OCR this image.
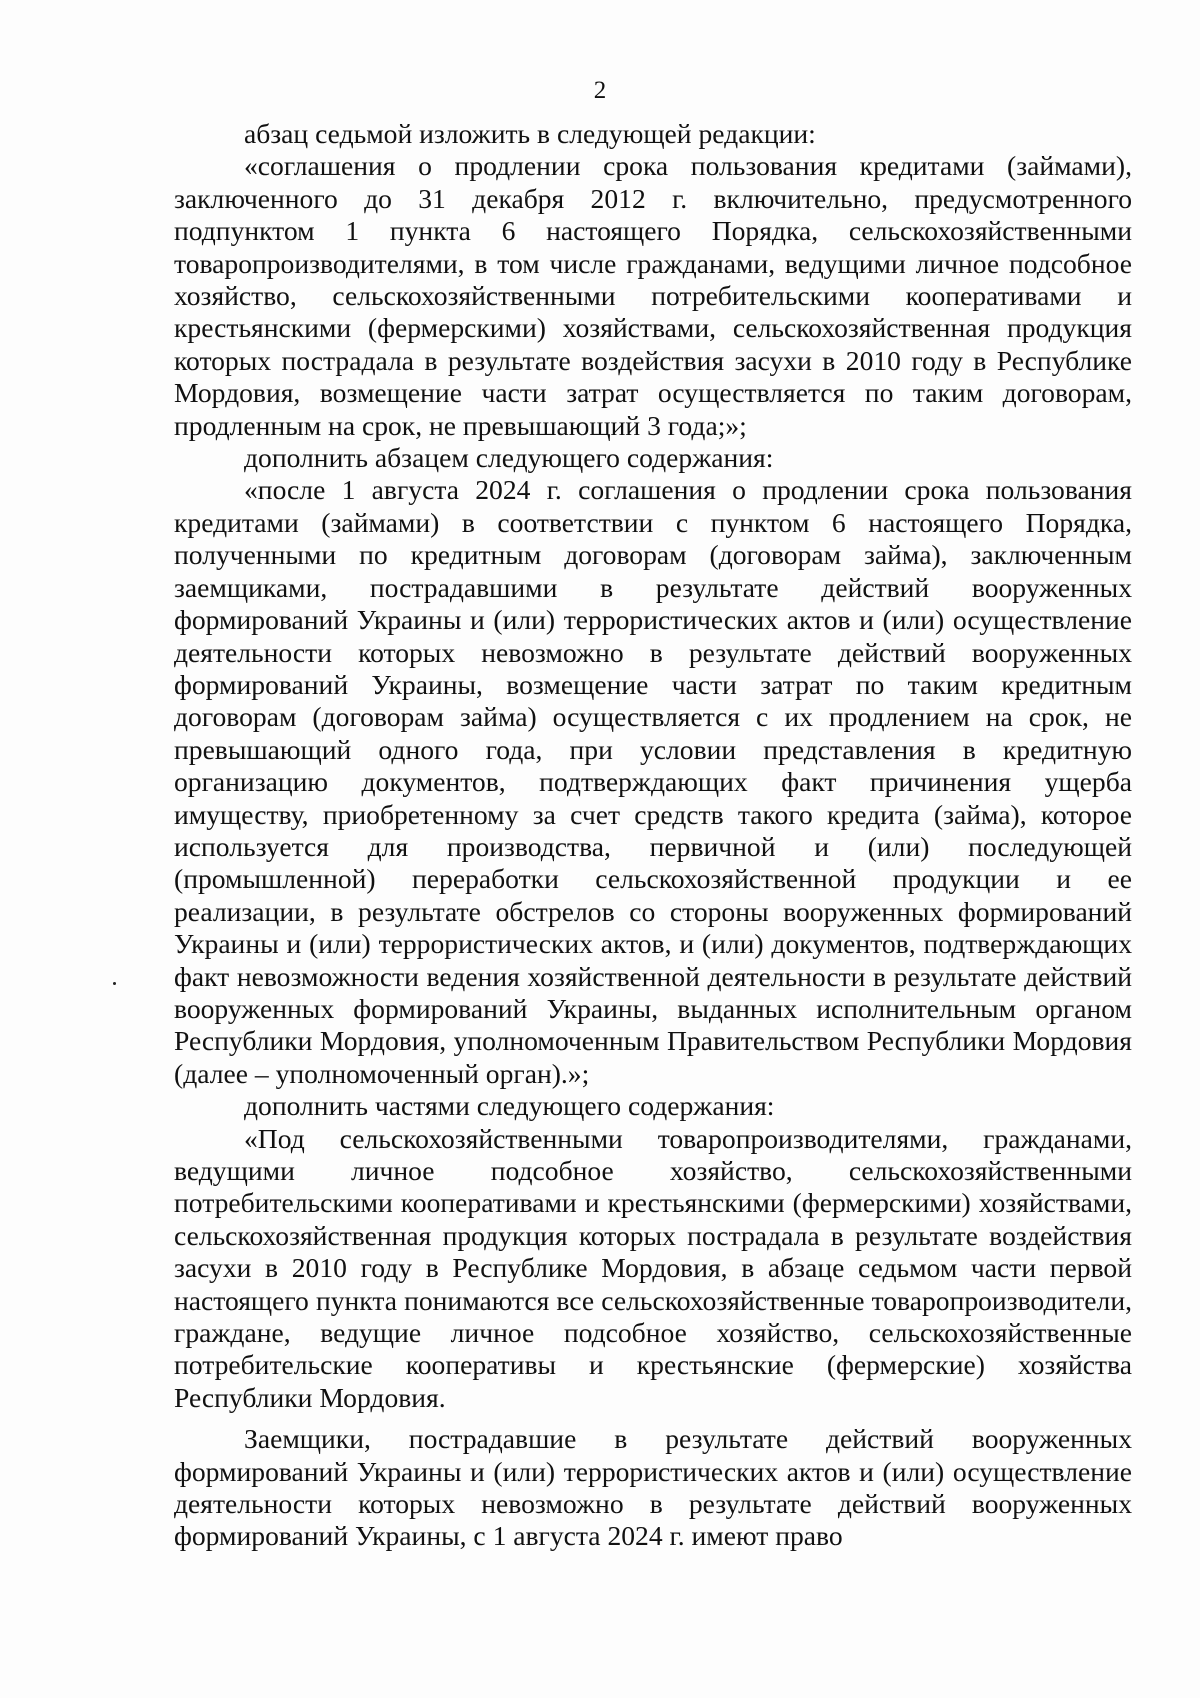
2

абзац седьмой изложить в следующей редакции:

«соглашения о продлении срока пользования кредитами (займами), заключенного до 31 декабря 2012 г. включительно, предусмотренного подпунктом 1 пункта 6 настоящего Порядка, сельскохозяйственными товаропроизводителями, в том числе гражданами, ведущими личное подсобное хозяйство, сельскохозяйственными потребительскими кооперативами и крестьянскими (фермерскими) хозяйствами, сельскохозяйственная продукция которых пострадала в результате воздействия засухи в 2010 году в Республике Мордовия, возмещение части затрат осуществляется по таким договорам, продленным на срок, не превышающий 3 года;»;

дополнить абзацем следующего содержания:

«после 1 августа 2024 г. соглашения о продлении срока пользования кредитами (займами) в соответствии с пунктом 6 настоящего Порядка, полученными по кредитным договорам (договорам займа), заключенным заемщиками, пострадавшими в результате действий вооруженных формирований Украины и (или) террористических актов и (или) осуществление деятельности которых невозможно в результате действий вооруженных формирований Украины, возмещение части затрат по таким кредитным договорам (договорам займа) осуществляется с их продлением на срок, не превышающий одного года, при условии представления в кредитную организацию документов, подтверждающих факт причинения ущерба имуществу, приобретенному за счет средств такого кредита (займа), которое используется для производства, первичной и (или) последующей (промышленной) переработки сельскохозяйственной продукции и ее реализации, в результате обстрелов со стороны вооруженных формирований Украины и (или) террористических актов, и (или) документов, подтверждающих факт невозможности ведения хозяйственной деятельности в результате действий вооруженных формирований Украины, выданных исполнительным органом Республики Мордовия, уполномоченным Правительством Республики Мордовия (далее – уполномоченный орган).»;

дополнить частями следующего содержания:

«Под сельскохозяйственными товаропроизводителями, гражданами, ведущими личное подсобное хозяйство, сельскохозяйственными потребительскими кооперативами и крестьянскими (фермерскими) хозяйствами, сельскохозяйственная продукция которых пострадала в результате воздействия засухи в 2010 году в Республике Мордовия, в абзаце седьмом части первой настоящего пункта понимаются все сельскохозяйственные товаропроизводители, граждане, ведущие личное подсобное хозяйство, сельскохозяйственные потребительские кооперативы и крестьянские (фермерские) хозяйства Республики Мордовия.

Заемщики, пострадавшие в результате действий вооруженных формирований Украины и (или) террористических актов и (или) осуществление деятельности которых невозможно в результате действий вооруженных формирований Украины, с 1 августа 2024 г. имеют право
